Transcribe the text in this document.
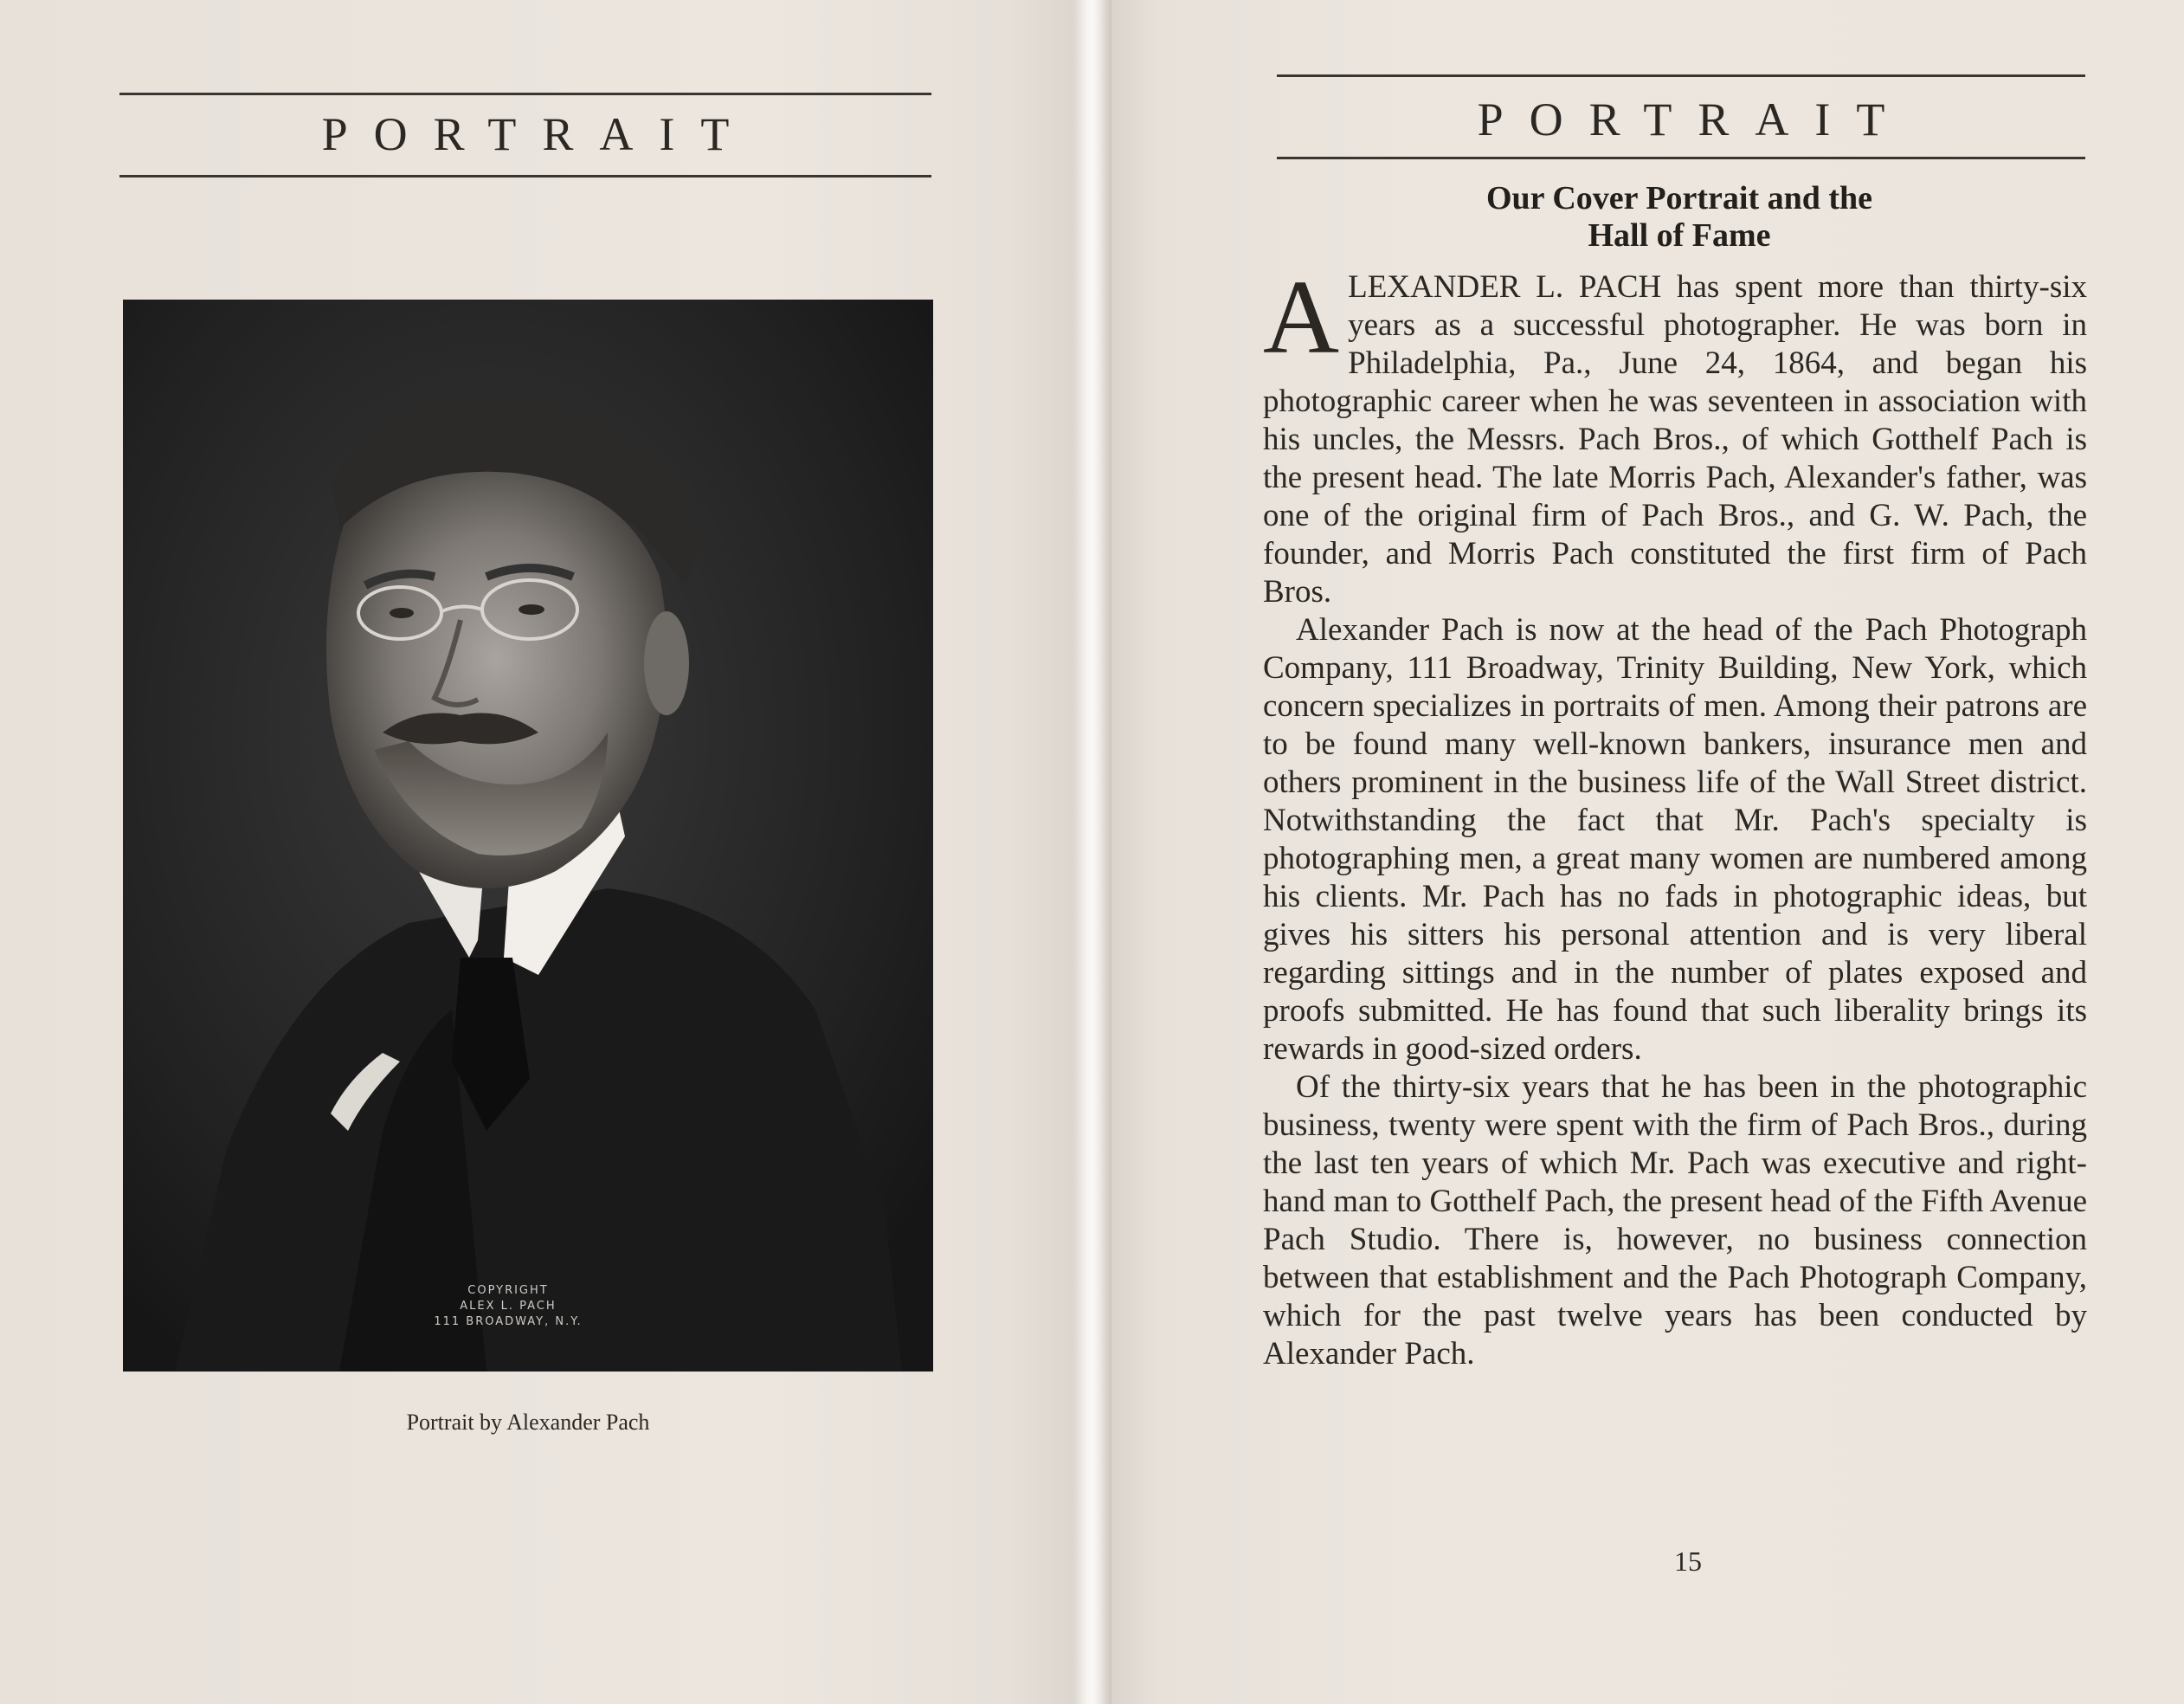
PORTRAIT
COPYRIGHT
ALEX L. PACH
111 BROADWAY, N.Y.
Portrait by Alexander Pach
PORTRAIT
Our Cover Portrait and the
Hall of Fame

ALEXANDER L. PACH has spent more than thirty-six years as a successful photographer. He was born in Philadelphia, Pa., June 24, 1864, and began his photographic career when he was seventeen in association with his uncles, the Messrs. Pach Bros., of which Gotthelf Pach is the present head. The late Morris Pach, Alexander's father, was one of the original firm of Pach Bros., and G. W. Pach, the founder, and Morris Pach constituted the first firm of Pach Bros.

Alexander Pach is now at the head of the Pach Photograph Company, 111 Broadway, Trinity Building, New York, which concern specializes in portraits of men. Among their patrons are to be found many well-known bankers, insurance men and others prominent in the business life of the Wall Street district. Notwithstanding the fact that Mr. Pach's specialty is photographing men, a great many women are numbered among his clients. Mr. Pach has no fads in photographic ideas, but gives his sitters his personal attention and is very liberal regarding sittings and in the number of plates exposed and proofs submitted. He has found that such liberality brings its rewards in good-sized orders.

Of the thirty-six years that he has been in the photographic business, twenty were spent with the firm of Pach Bros., during the last ten years of which Mr. Pach was executive and right-hand man to Gotthelf Pach, the present head of the Fifth Avenue Pach Studio. There is, however, no business connection between that establishment and the Pach Photograph Company, which for the past twelve years has been conducted by Alexander Pach.

15
